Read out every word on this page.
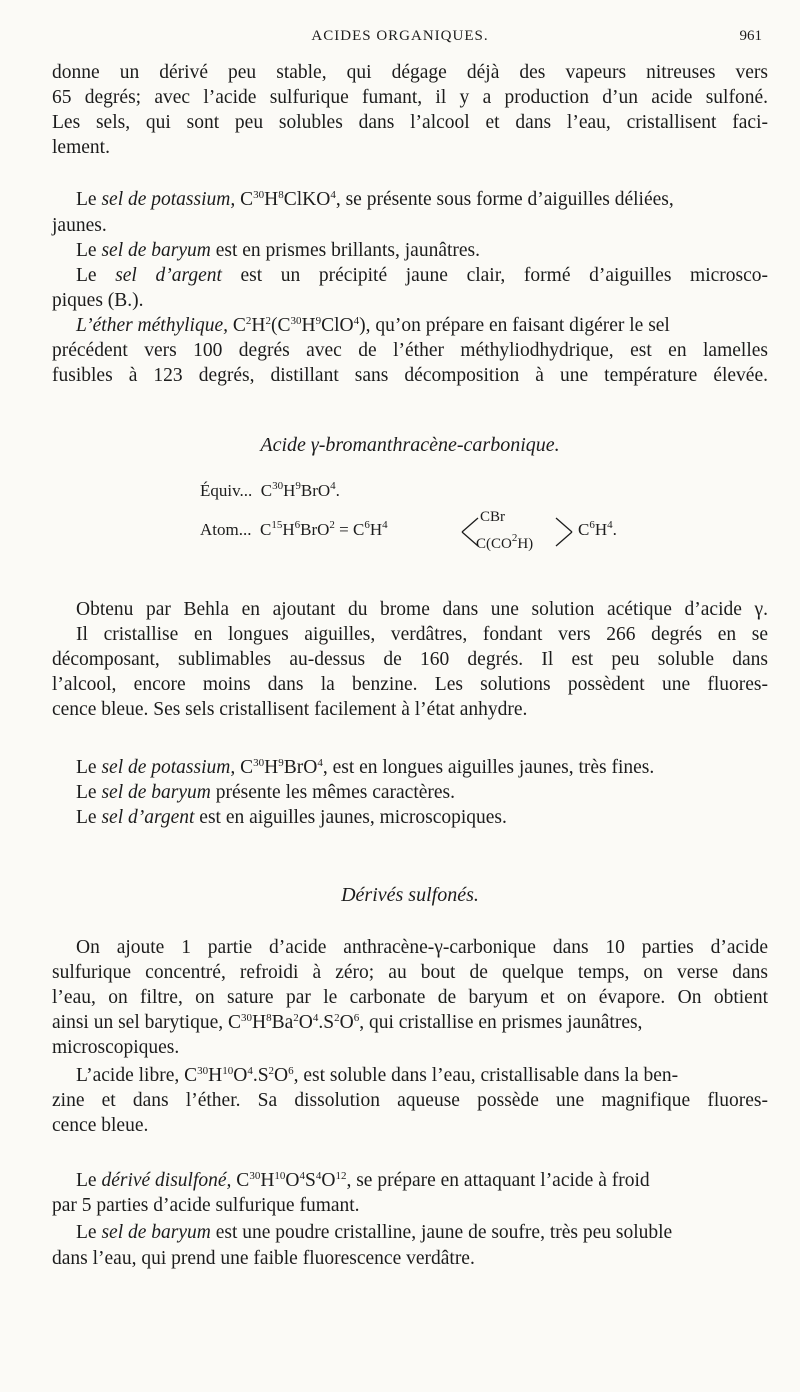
ACIDES ORGANIQUES.	961
donne un dérivé peu stable, qui dégage déjà des vapeurs nitreuses vers
65 degrés; avec l’acide sulfurique fumant, il y a production d’un acide sulfoné.
Les sels, qui sont peu solubles dans l’alcool et dans l’eau, cristallisent faci-
lement.
Le sel de potassium, $C^{30}H^8ClKO^4$, se présente sous forme d’aiguilles déliées,
jaunes.
Le sel de baryum est en prismes brillants, jaunâtres.
Le sel d’argent est un précipité jaune clair, formé d’aiguilles microsco-
piques (B.).
L’éther méthylique, $C^2H^2(C^{30}H^9ClO^4)$, qu’on prépare en faisant digérer le sel
précédent vers 100 degrés avec de l’éther méthyliodhydrique, est en lamelles
fusibles à 123 degrés, distillant sans décomposition à une température élevée.
Acide γ-bromanthracène-carbonique.
Équiv... $C^{30}H^9BrO^4$.
Atom... $C^{15}H^6BrO^2 = C^6H^4$	CBr
$C(CO^2H)$
$C^6H^4$.
Obtenu par Behla en ajoutant du brome dans une solution acétique d’acide γ.
Il cristallise en longues aiguilles, verdâtres, fondant vers 266 degrés en se
décomposant, sublimables au-dessus de 160 degrés. Il est peu soluble dans
l’alcool, encore moins dans la benzine. Les solutions possèdent une fluores-
cence bleue. Ses sels cristallisent facilement à l’état anhydre.
Le sel de potassium, $C^{30}H^9BrO^4$, est en longues aiguilles jaunes, très fines.
Le sel de baryum présente les mêmes caractères.
Le sel d’argent est en aiguilles jaunes, microscopiques.
Dérivés sulfonés.
On ajoute 1 partie d’acide anthracène-γ-carbonique dans 10 parties d’acide
sulfurique concentré, refroidi à zéro; au bout de quelque temps, on verse dans
l’eau, on filtre, on sature par le carbonate de baryum et on évapore. On obtient
ainsi un sel barytique, $C^{30}H^8Ba^2O^4.S^2O^6$, qui cristallise en prismes jaunâtres,
microscopiques.
L’acide libre, $C^{30}H^{10}O^4.S^2O^6$, est soluble dans l’eau, cristallisable dans la ben-
zine et dans l’éther. Sa dissolution aqueuse possède une magnifique fluores-
cence bleue.
Le dérivé disulfoné, $C^{30}H^{10}O^4S^4O^{12}$, se prépare en attaquant l’acide à froid
par 5 parties d’acide sulfurique fumant.
Le sel de baryum est une poudre cristalline, jaune de soufre, très peu soluble
dans l’eau, qui prend une faible fluorescence verdâtre.
